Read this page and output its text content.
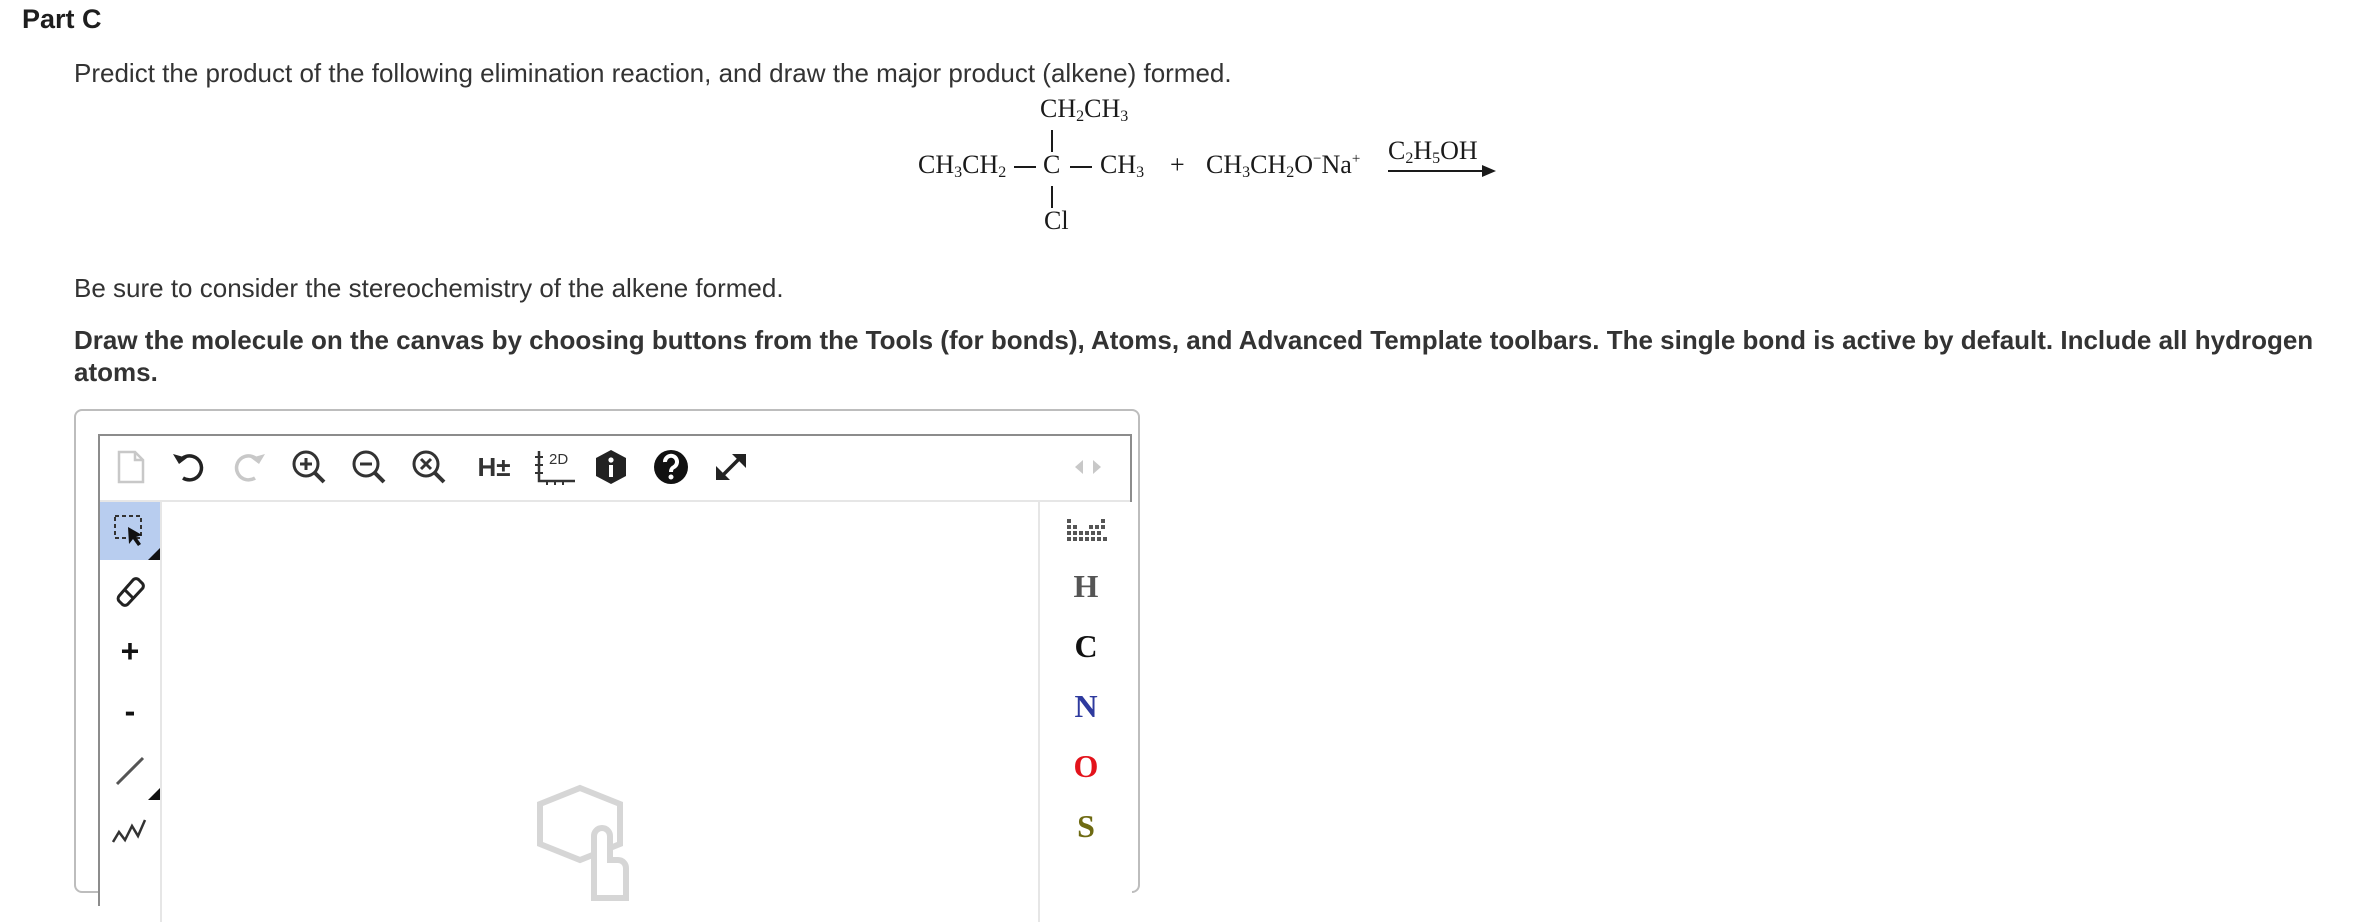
Part C
Predict the product of the following elimination reaction, and draw the major product (alkene) formed.
$CH_2CH_3$
$CH_3CH_2$ C $CH_3$
Cl
+ $CH_3CH_2O^-Na^+$ $C_2H_5OH$
Be sure to consider the stereochemistry of the alkene formed.
Draw the molecule on the canvas by choosing buttons from the Tools (for bonds), Atoms, and Advanced Template toolbars. The single bond is active by default. Include all hydrogen atoms.
H±	2D
+
-
H
C
N
O
S
